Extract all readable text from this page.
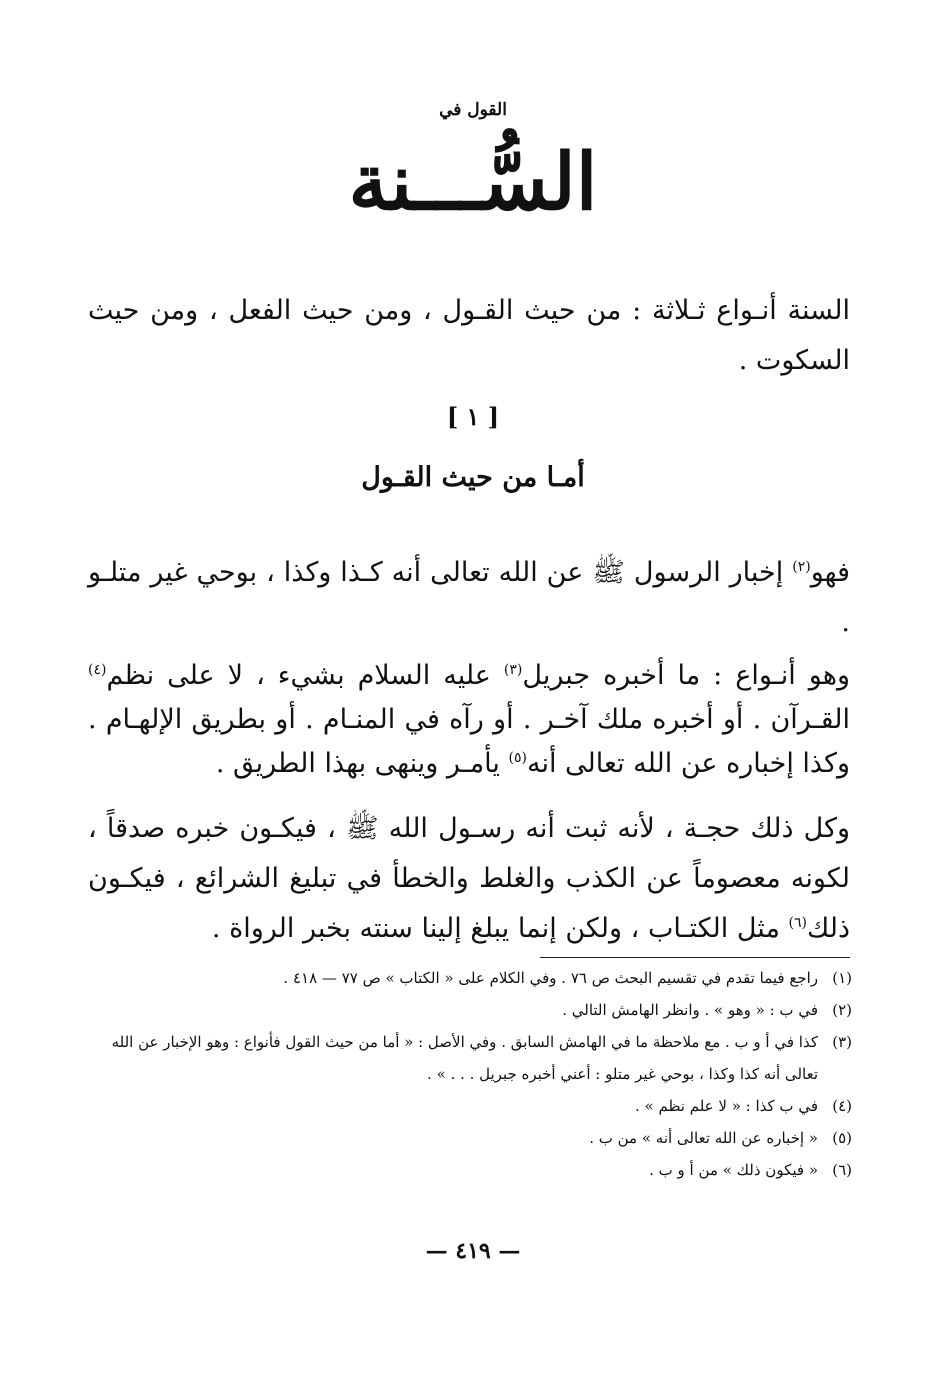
القول في
السُّـــنة
السنة أنـواع ثـلاثة : من حيث القـول ، ومن حيث الفعل ، ومن حيث السكوت .
[ ١ ]
أمـا من حيث القـول
فهو$^{(٢)}$ إخبار الرسول ﷺ عن الله تعالى أنه كـذا وكذا ، بوحي غير متلـو .
وهو أنـواع : ما أخبره جبريل$^{(٣)}$ عليه السلام بشيء ، لا على نظم$^{(٤)}$ القـرآن . أو أخبره ملك آخـر . أو رآه في المنـام . أو بطريق الإلهـام . وكذا إخباره عن الله تعالى أنه$^{(٥)}$ يأمـر وينهى بهذا الطريق .
وكل ذلك حجـة ، لأنه ثبت أنه رسـول الله ﷺ ، فيكـون خبره صدقاً ، لكونه معصوماً عن الكذب والغلط والخطأ في تبليغ الشرائع ، فيكـون ذلك$^{(٦)}$ مثل الكتـاب ، ولكن إنما يبلغ إلينا سنته بخبر الرواة .
(١)
راجع فيما تقدم في تقسيم البحث ص ٧٦ . وفي الكلام على « الكتاب » ص ٧٧ — ٤١٨ .
(٢)
في ب : « وهو » . وانظر الهامش التالي .
(٣)
كذا في أ و ب . مع ملاحظة ما في الهامش السابق . وفي الأصل : « أما من حيث القول فأنواع : وهو الإخبار عن الله تعالى أنه كذا وكذا ، بوحي غير متلو : أعني أخبره جبريل . . . » .
(٤)
في ب كذا : « لا علم نظم » .
(٥)
« إخباره عن الله تعالى أنه » من ب .
(٦)
« فيكون ذلك » من أ و ب .
— ٤١٩ —
